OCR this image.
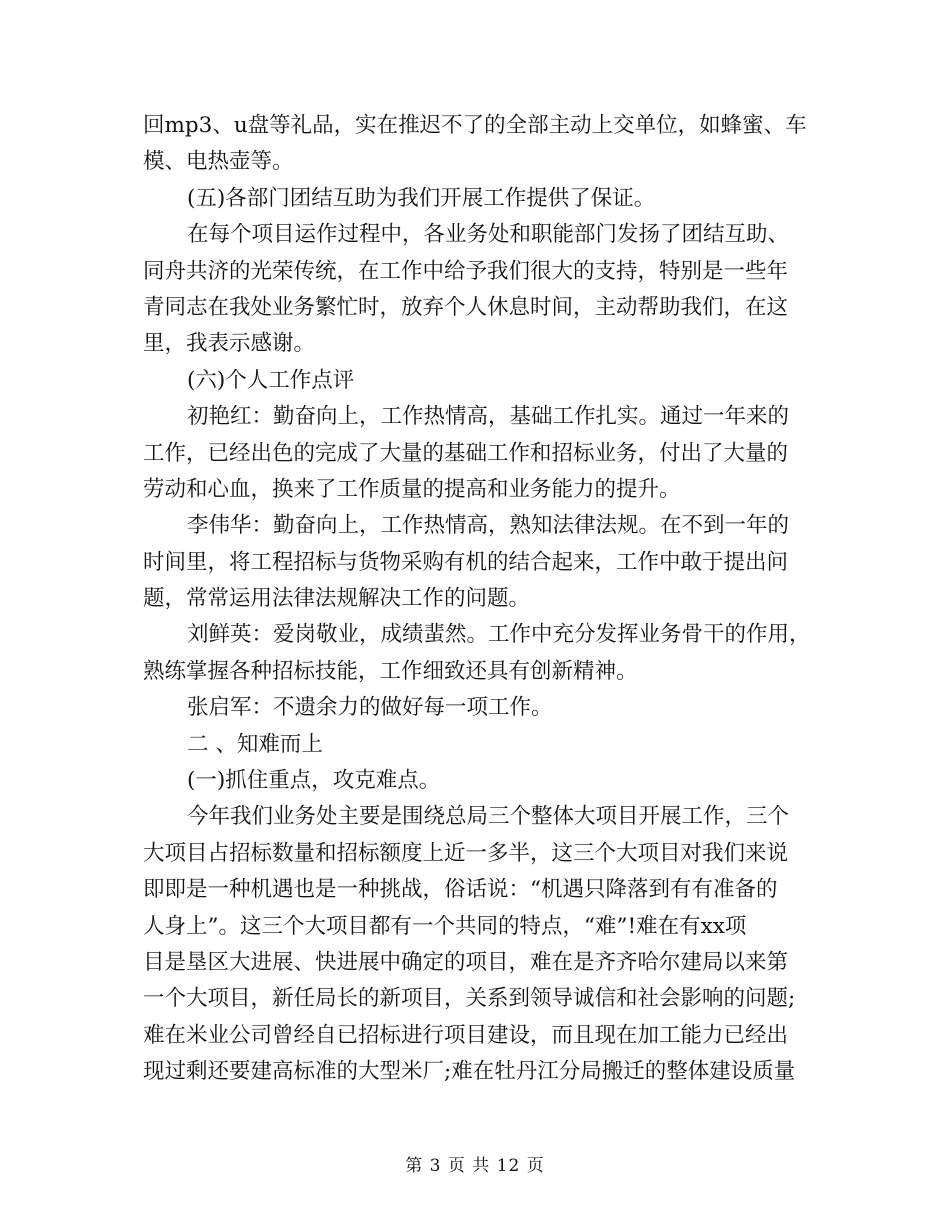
回mp3、u盘等礼品，实在推迟不了的全部主动上交单位，如蜂蜜、车
模、电热壶等。
(五)各部门团结互助为我们开展工作提供了保证。
在每个项目运作过程中，各业务处和职能部门发扬了团结互助、
同舟共济的光荣传统，在工作中给予我们很大的支持，特别是一些年
青同志在我处业务繁忙时，放弃个人休息时间，主动帮助我们，在这
里，我表示感谢。
(六)个人工作点评
初艳红：勤奋向上，工作热情高，基础工作扎实。通过一年来的
工作，已经出色的完成了大量的基础工作和招标业务，付出了大量的
劳动和心血，换来了工作质量的提高和业务能力的提升。
李伟华：勤奋向上，工作热情高，熟知法律法规。在不到一年的
时间里，将工程招标与货物采购有机的结合起来，工作中敢于提出问
题，常常运用法律法规解决工作的问题。
刘鲜英：爱岗敬业，成绩蜚然。工作中充分发挥业务骨干的作用，
熟练掌握各种招标技能，工作细致还具有创新精神。
张启军：不遗余力的做好每一项工作。
二 、知难而上
(一)抓住重点，攻克难点。
今年我们业务处主要是围绕总局三个整体大项目开展工作，三个
大项目占招标数量和招标额度上近一多半，这三个大项目对我们来说
即即是一种机遇也是一种挑战，俗话说：“机遇只降落到有有准备的
人身上”。这三个大项目都有一个共同的特点，“难”!难在有xx项
目是垦区大进展、快进展中确定的项目，难在是齐齐哈尔建局以来第
一个大项目，新任局长的新项目，关系到领导诚信和社会影响的问题;
难在米业公司曾经自已招标进行项目建设，而且现在加工能力已经出
现过剩还要建高标准的大型米厂;难在牡丹江分局搬迁的整体建设质量
第 3 页 共 12 页
